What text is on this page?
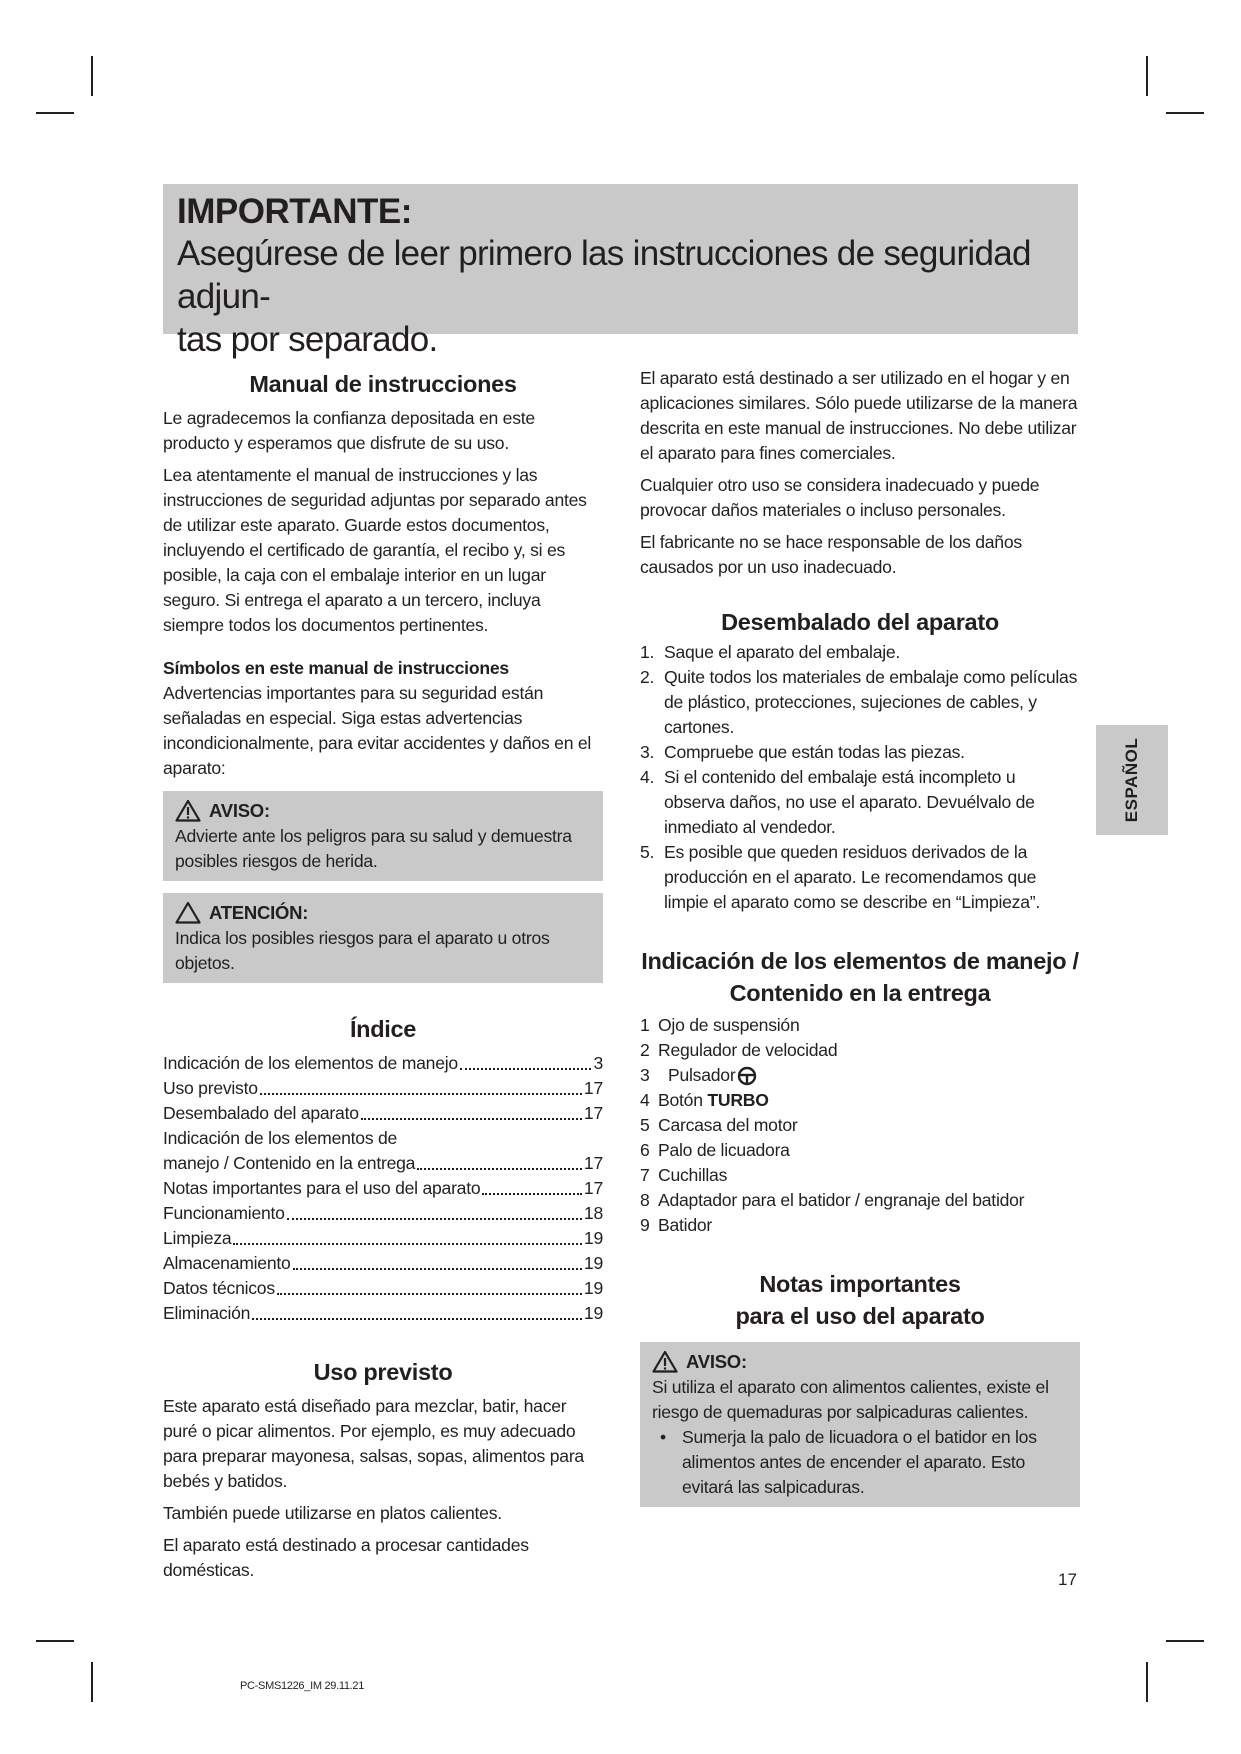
IMPORTANTE:
Asegúrese de leer primero las instrucciones de seguridad adjun-
tas por separado.
Manual de instrucciones

Le agradecemos la confianza depositada en este producto y esperamos que disfrute de su uso.

Lea atentamente el manual de instrucciones y las instrucciones de seguridad adjuntas por separado antes de utilizar este aparato. Guarde estos documentos, incluyendo el certificado de garantía, el recibo y, si es posible, la caja con el embalaje interior en un lugar seguro. Si entrega el aparato a un tercero, incluya siempre todos los documentos pertinentes.

Símbolos en este manual de instrucciones

Advertencias importantes para su seguridad están señaladas en especial. Siga estas advertencias incondicionalmente, para evitar accidentes y daños en el aparato:

AVISO:
Advierte ante los peligros para su salud y demuestra posibles riesgos de herida.
ATENCIÓN:
Indica los posibles riesgos para el aparato u otros objetos.
Índice
Indicación de los elementos de manejo	3
Uso previsto	17
Desembalado del aparato	17
Indicación de los elementos de
manejo / Contenido en la entrega	17
Notas importantes para el uso del aparato	17
Funcionamiento	18
Limpieza	19
Almacenamiento	19
Datos técnicos	19
Eliminación	19
Uso previsto

Este aparato está diseñado para mezclar, batir, hacer puré o picar alimentos. Por ejemplo, es muy adecuado para preparar mayonesa, salsas, sopas, alimentos para bebés y batidos.

También puede utilizarse en platos calientes.

El aparato está destinado a procesar cantidades domésticas.

El aparato está destinado a ser utilizado en el hogar y en aplicaciones similares. Sólo puede utilizarse de la manera descrita en este manual de instrucciones. No debe utilizar el aparato para fines comerciales.

Cualquier otro uso se considera inadecuado y puede provocar daños materiales o incluso personales.

El fabricante no se hace responsable de los daños causados por un uso inadecuado.

Desembalado del aparato
1. Saque el aparato del embalaje.
2. Quite todos los materiales de embalaje como películas de plástico, protecciones, sujeciones de cables, y cartones.
3. Compruebe que están todas las piezas.
4. Si el contenido del embalaje está incompleto u observa daños, no use el aparato. Devuélvalo de inmediato al vendedor.
5. Es posible que queden residuos derivados de la producción en el aparato. Le recomendamos que limpie el aparato como se describe en “Limpieza”.
Indicación de los elementos de manejo /
Contenido en la entrega
1 Ojo de suspensión
2 Regulador de velocidad
3	Pulsador
4 Botón
TURBO
5 Carcasa del motor
6 Palo de licuadora
7 Cuchillas
8 Adaptador para el batidor / engranaje del batidor
9 Batidor
Notas importantes
para el uso del aparato
AVISO:
Si utiliza el aparato con alimentos calientes, existe el riesgo de quemaduras por salpicaduras calientes.
• Sumerja la palo de licuadora o el batidor en los alimentos antes de encender el aparato. Esto evitará las salpicaduras.
ESPAÑOL
17
PC-SMS1226_IM 29.11.21
